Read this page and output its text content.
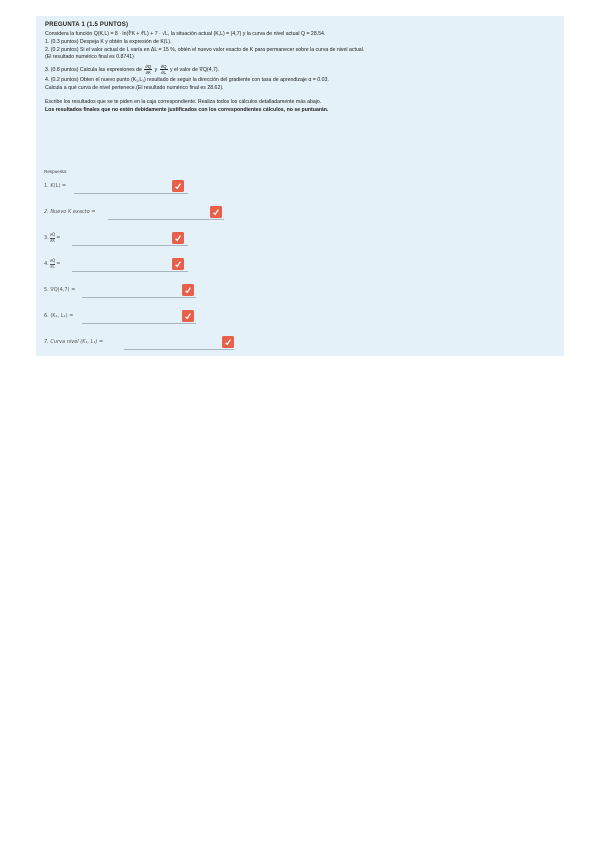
PREGUNTA 1 (1.5 PUNTOS)
Considera la función Q(K,L) = 8 · ln(∛K + ∜L) + 7 · √L, la situación actual (K,L) = (4,7) y la curva de nivel actual Q = 28.54.
1. (0.3 puntos) Despeja K y obtén la expresión de K(L).
2. (0.2 puntos) Si el valor actual de L varía en ΔL = 15 %, obtén el nuevo valor exacto de K para permanecer sobre la curva de nivel actual.
(El resultado numérico final es 0.8741)
3. (0.8 puntos) Calcula las expresiones de $\frac{\partial Q}{\partial K}$ y $\frac{\partial Q}{\partial L}$ y el valor de ∇Q(4,7).
4. (0.2 puntos) Obten el nuevo punto (K₁,L₁) resultado de seguir la dirección del gradiente con tasa de aprendizaje α = 0.03.
Calcula a qué curva de nivel pertenece.(El resultado numérico final es 28.62).
Escribe los resultados que se te piden en la caja correspondiente. Realiza todos los cálculos detalladamente más abajo.
Los resultados finales que no estén debidamente justificados con los correspondientes cálculos, no se puntuarán.
Respuesta:
1. K(L) =
2. Nuevo K exacto =
3. $\frac{\partial Q}{\partial K}$ =
4. $\frac{\partial Q}{\partial L}$ =
5. ∇Q(4,7) =
6. (K₁, L₁) =
7. Curva nivel (K₁, L₁) =
